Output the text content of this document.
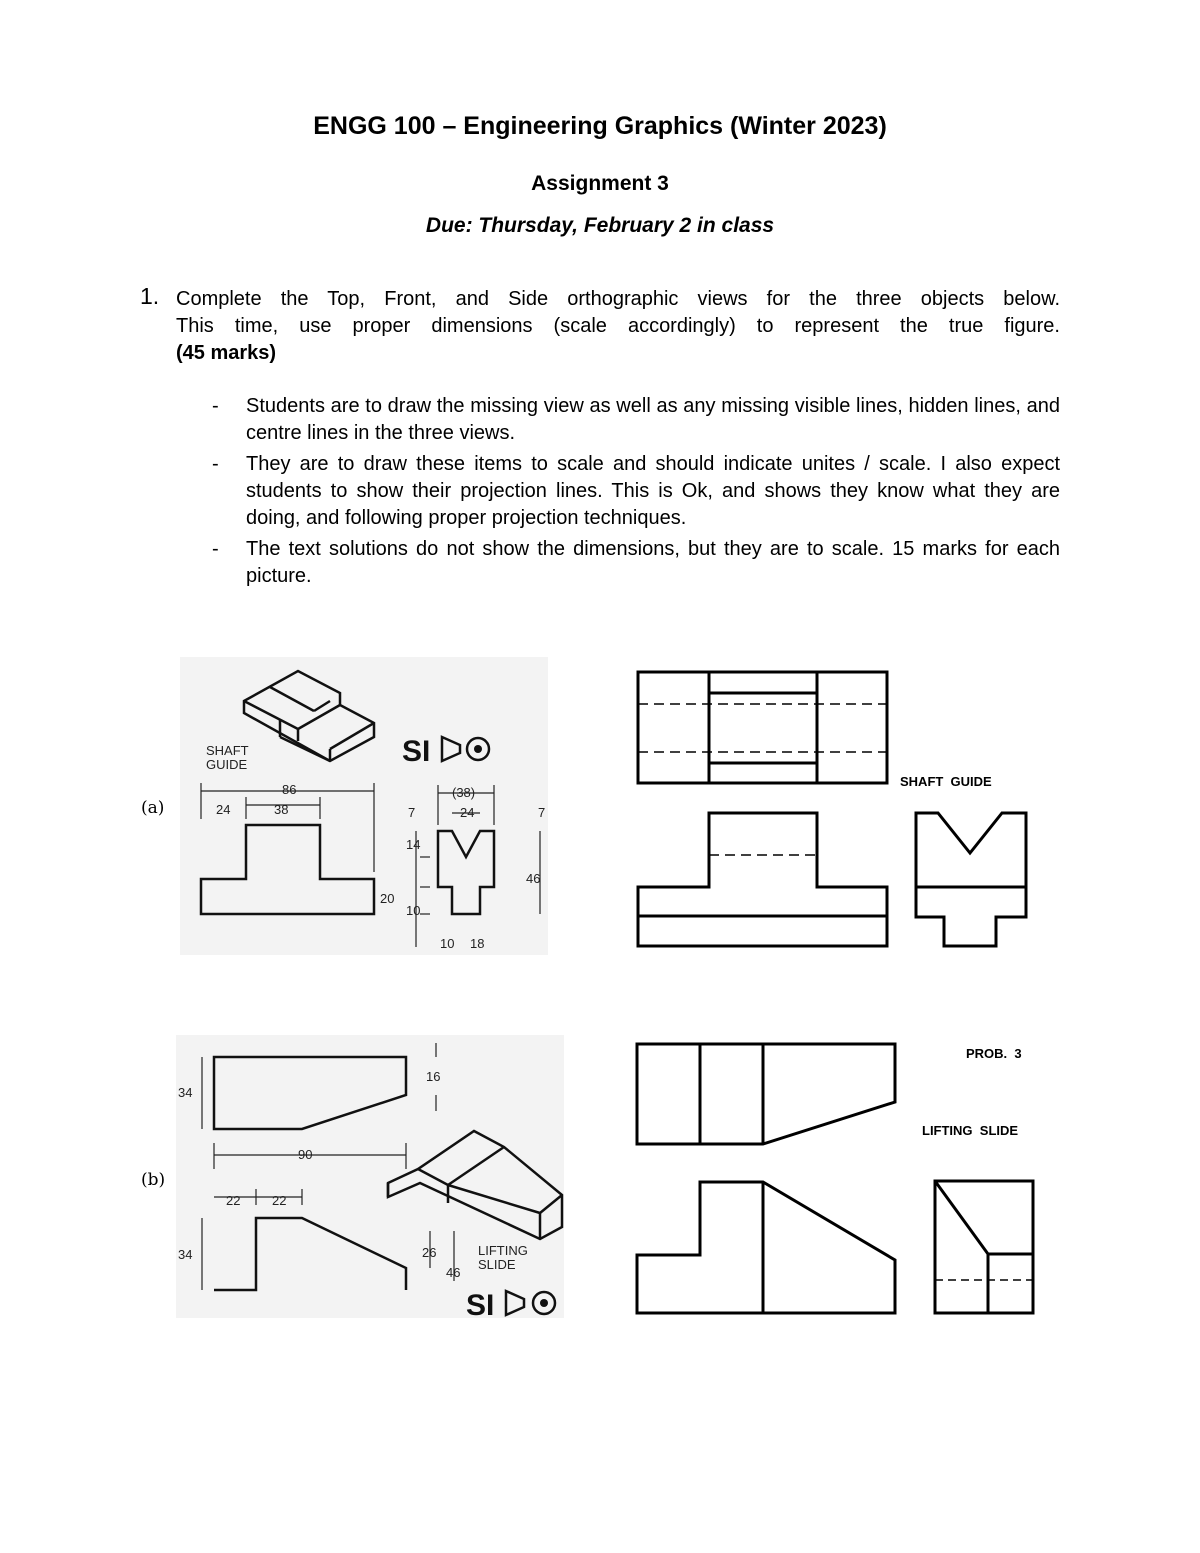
ENGG 100 – Engineering Graphics (Winter 2023)
Assignment 3
Due: Thursday, February 2 in class
1. Complete the Top, Front, and Side orthographic views for the three objects below.
This time, use proper dimensions (scale accordingly) to represent the true figure.
(45 marks)
- Students are to draw the missing view as well as any missing visible lines, hidden lines, and centre lines in the three views.
- They are to draw these items to scale and should indicate unites / scale. I also expect students to show their projection lines. This is Ok, and shows they know what they are doing, and following proper projection techniques.
- The text solutions do not show the dimensions, but they are to scale. 15 marks for each picture.
(a)
SHAFT
GUIDE	SI
86
24	38
(38)
24
7	7
14
46
20
10
10 18
SHAFT  GUIDE
(b)
34
16
90
22 22
34	26
46
LIFTING
SLIDE
SI
PROB.  3
LIFTING  SLIDE
